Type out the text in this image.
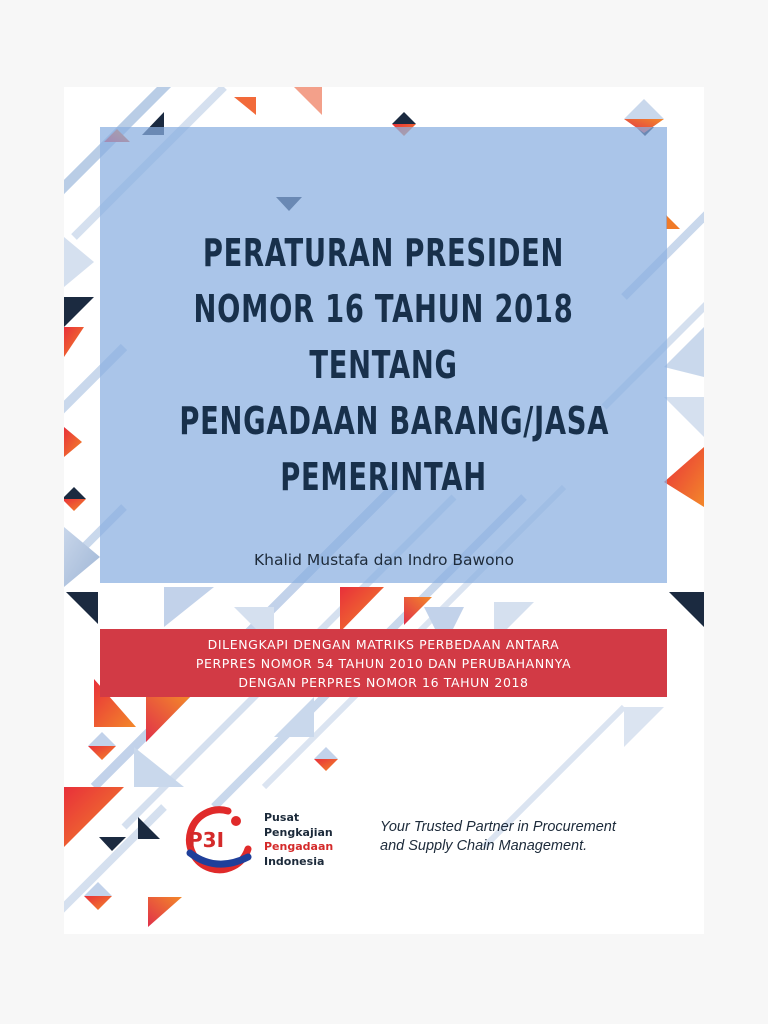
PERATURAN PRESIDEN
NOMOR 16 TAHUN 2018
TENTANG
PENGADAAN BARANG/JASA
PEMERINTAH
Khalid Mustafa dan Indro Bawono
DILENGKAPI DENGAN MATRIKS PERBEDAAN ANTARA
PERPRES NOMOR 54 TAHUN 2010 DAN PERUBAHANNYA
DENGAN PERPRES NOMOR 16 TAHUN 2018
P3I
Pusat
Pengkajian
Pengadaan
Indonesia
Your Trusted Partner in Procurement
and Supply Chain Management.
